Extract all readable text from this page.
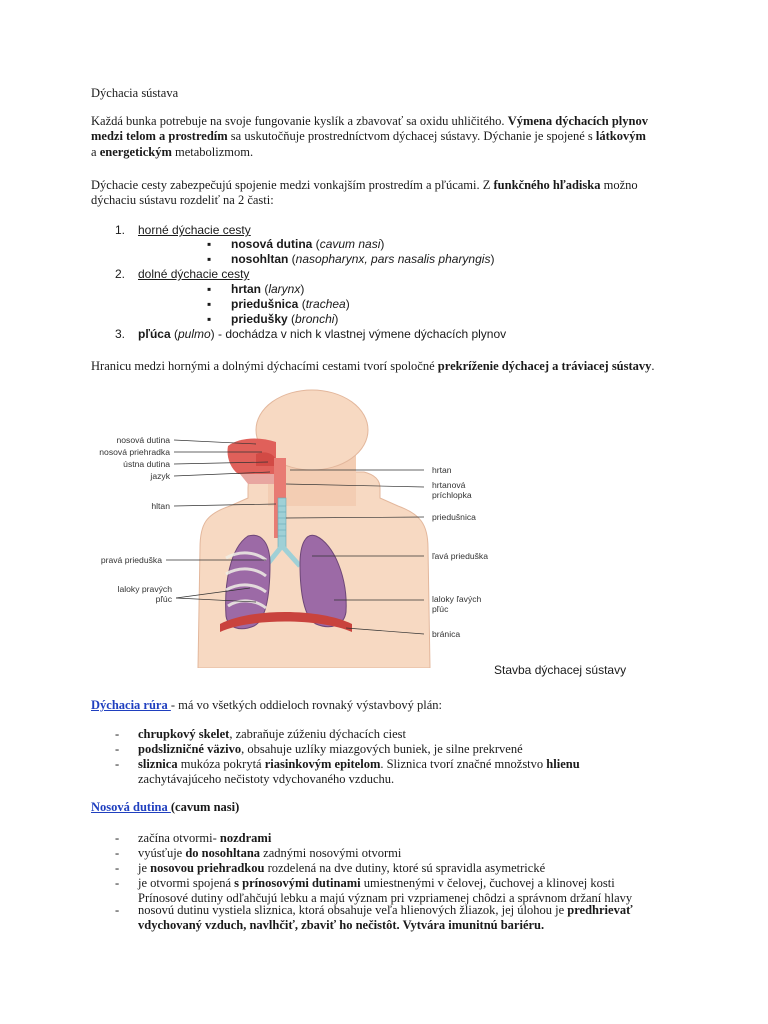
Dýchacia sústava
Každá bunka potrebuje na svoje fungovanie kyslík a zbavovať sa oxidu uhličitého. Výmena dýchacích plynov
medzi telom a prostredím sa uskutočňuje prostredníctvom dýchacej sústavy. Dýchanie je spojené s látkovým
a energetickým metabolizmom.
Dýchacie cesty zabezpečujú spojenie medzi vonkajším prostredím a pľúcami. Z funkčného hľadiska možno
dýchaciu sústavu rozdeliť na 2 časti:
1. horné dýchacie cesty
▪ nosová dutina (cavum nasi)
▪ nosohltan (nasopharynx, pars nasalis pharyngis)
2. dolné dýchacie cesty
▪ hrtan (larynx)
▪ priedušnica (trachea)
▪ priedušky (bronchi)
3. pľúca (pulmo) - dochádza v nich k vlastnej výmene dýchacích plynov
Hranicu medzi hornými a dolnými dýchacími cestami tvorí spoločné prekríženie dýchacej a tráviacej sústavy.
nosová dutina
nosová priehradka
ústna dutina
jazyk
hltan
pravá prieduška
laloky pravých
pľúc
hrtan
hrtanová
príchlopka
priedušnica
ľavá prieduška
laloky ľavých
pľúc
bránica
Stavba dýchacej sústavy
Dýchacia rúra - má vo všetkých oddieloch rovnaký výstavbový plán:
- chrupkový skelet, zabraňuje zúženiu dýchacích ciest
- podslizničné väzivo, obsahuje uzlíky miazgových buniek, je silne prekrvené
- sliznica mukóza pokrytá riasinkovým epitelom. Sliznica tvorí značné množstvo hlienu
zachytávajúceho nečistoty vdychovaného vzduchu.
Nosová dutina (cavum nasi)
- začína otvormi- nozdrami
- vyúsťuje do nosohltana zadnými nosovými otvormi
- je nosovou priehradkou rozdelená na dve dutiny, ktoré sú spravidla asymetrické
- je otvormi spojená s prínosovými dutinami umiestnenými v čelovej, čuchovej a klinovej kosti
Prínosové dutiny odľahčujú lebku a majú význam pri vzpriamenej chôdzi a správnom držaní hlavy
- nosovú dutinu vystiela sliznica, ktorá obsahuje veľa hlienových žliazok, jej úlohou je predhrievať
vdychovaný vzduch, navlhčiť, zbaviť ho nečistôt. Vytvára imunitnú bariéru.
